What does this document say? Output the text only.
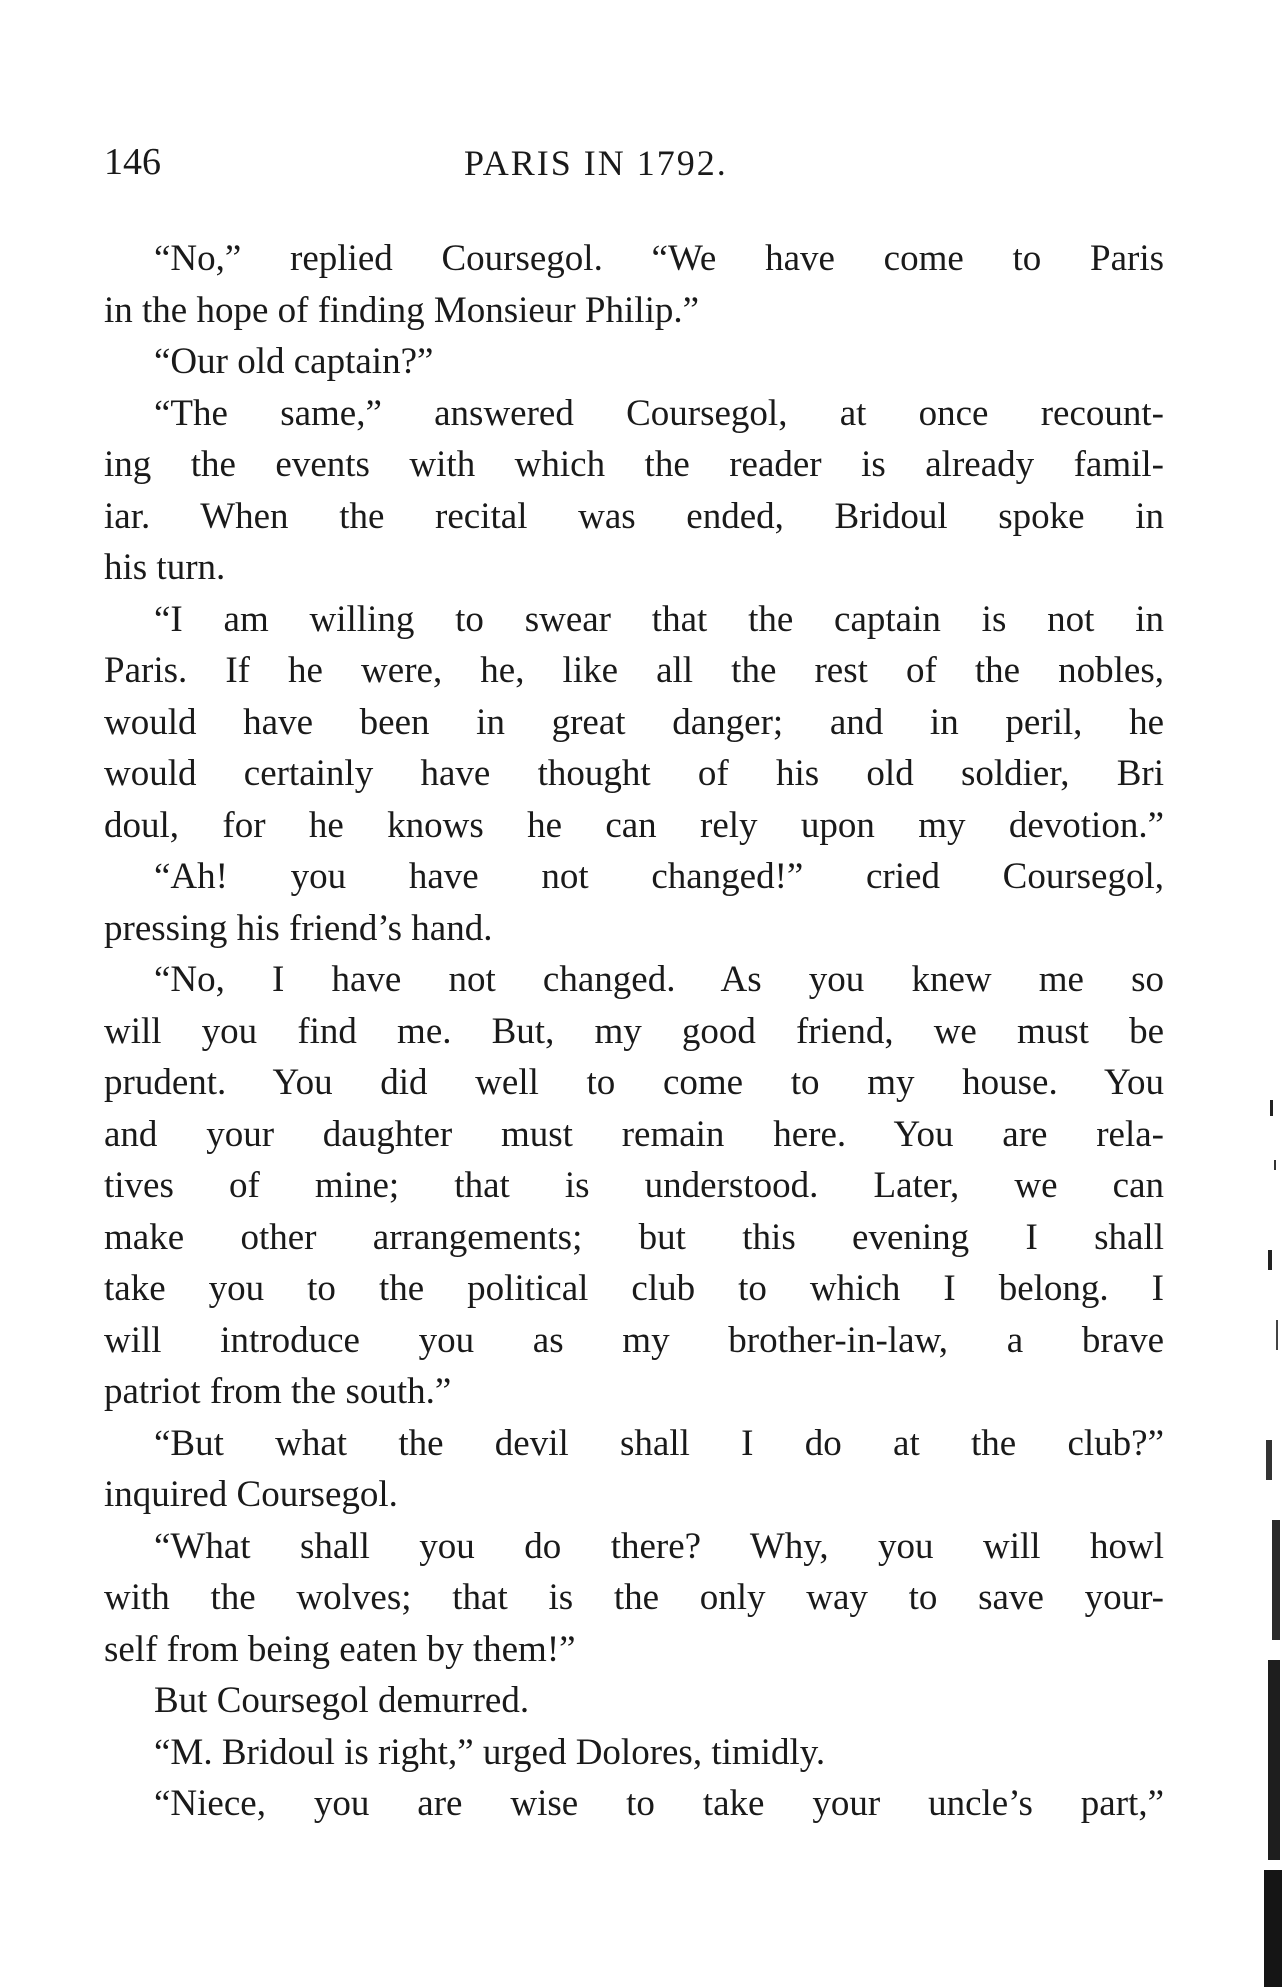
146	PARIS IN 1792.
“No,” replied Coursegol. “We have come to Paris
in the hope of finding Monsieur Philip.”
“Our old captain?”
“The same,” answered Coursegol, at once recount-
ing the events with which the reader is already famil-
iar. When the recital was ended, Bridoul spoke in
his turn.
“I am willing to swear that the captain is not in
Paris. If he were, he, like all the rest of the nobles,
would have been in great danger; and in peril, he
would certainly have thought of his old soldier, Bri
doul, for he knows he can rely upon my devotion.”
“Ah! you have not changed!” cried Coursegol,
pressing his friend’s hand.
“No, I have not changed. As you knew me so
will you find me. But, my good friend, we must be
prudent. You did well to come to my house. You
and your daughter must remain here. You are rela-
tives of mine; that is understood. Later, we can
make other arrangements; but this evening I shall
take you to the political club to which I belong. I
will introduce you as my brother-in-law, a brave
patriot from the south.”
“But what the devil shall I do at the club?”
inquired Coursegol.
“What shall you do there? Why, you will howl
with the wolves; that is the only way to save your-
self from being eaten by them!”
But Coursegol demurred.
“M. Bridoul is right,” urged Dolores, timidly.
“Niece, you are wise to take your uncle’s part,”
